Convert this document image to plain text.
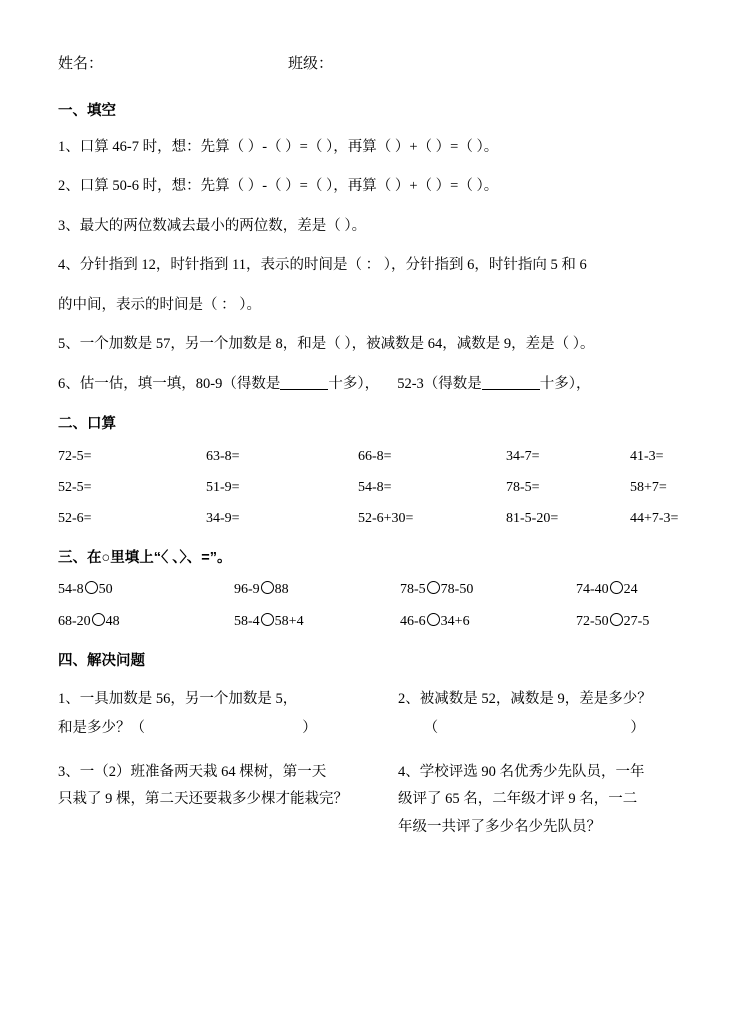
姓名：	班级：
一、填空

1、口算 46-7 时，想：先算（ ）-（ ）=（ ），再算（ ）+（ ）=（ ）。

2、口算 50-6 时，想：先算（ ）-（ ）=（ ），再算（ ）+（ ）=（ ）。

3、最大的两位数减去最小的两位数，差是（ ）。

4、分针指到 12，时针指到 11，表示的时间是（ ： ），分针指到 6，时针指向 5 和 6

的中间，表示的时间是（ ： ）。

5、一个加数是 57，另一个加数是 8，和是（ ），被减数是 64，减数是 9，差是（ ）。

6、估一估，填一填，80-9（得数是	十多）， 52-3（得数是	十多），

二、口算
72-5=	63-8=	66-8=	34-7=	41-3=
52-5=	51-9=	54-8=	78-5=	58+7=
52-6=	34-9=	52-6+30=	81-5-20=	44+7-3=
三、在○里填上“〈 、〉、=”。
54-8 50	96-9 88	78-5 78-50	74-40 24
68-20 48	58-4 58+4	46-6 34+6	72-50 27-5
四、解决问题

1、一具加数是 56，另一个加数是 5，	2、被减数是 52，减数是 9，差是多少？

和是多少？（	）	（	）

3、一（2）班准备两天栽 64 棵树，第一天

只栽了 9 棵，第二天还要栽多少棵才能栽完？

4、学校评选 90 名优秀少先队员，一年

级评了 65 名，二年级才评 9 名，一二

年级一共评了多少名少先队员？
